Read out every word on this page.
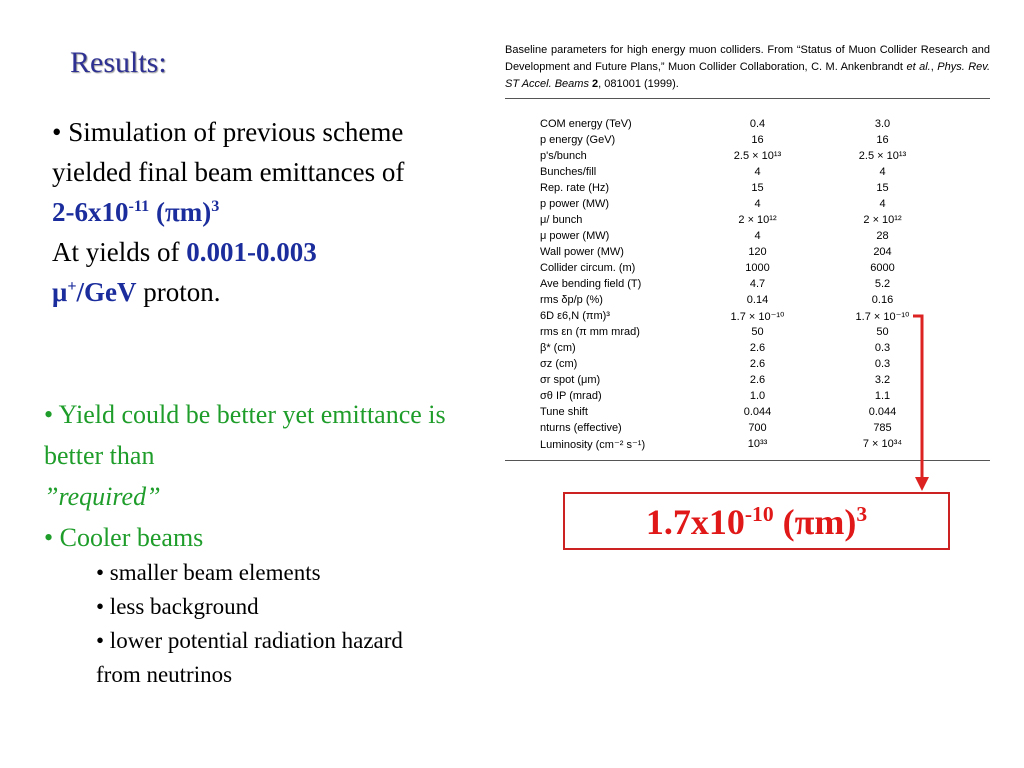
Results:
• Simulation of previous scheme yielded final beam emittances of
$2-6x10^{-11}$ $(\pi m)^3$
At yields of 0.001-0.003
μ+/GeV proton.
• Yield could be better yet emittance is better than
”required”
• Cooler beams
• smaller beam elements
• less background
• lower potential radiation hazard from neutrinos
Baseline parameters for high energy muon colliders. From “Status of Muon Collider Research and Development and Future Plans,” Muon Collider Collaboration, C. M. Ankenbrandt et al., Phys. Rev. ST Accel. Beams 2, 081001 (1999).
COM energy (TeV)	0.4	3.0
p energy (GeV)	16	16
p's/bunch	2.5 × 10¹³	2.5 × 10¹³
Bunches/fill	4	4
Rep. rate (Hz)	15	15
p power (MW)	4	4
μ/ bunch	2 × 10¹²	2 × 10¹²
μ power (MW)	4	28
Wall power (MW)	120	204
Collider circum. (m)	1000	6000
Ave bending field (T)	4.7	5.2
rms δp/p (%)	0.14	0.16
6D ε6,N (πm)³	1.7 × 10⁻¹⁰	1.7 × 10⁻¹⁰
rms εn (π mm mrad)	50	50
β* (cm)	2.6	0.3
σz (cm)	2.6	0.3
σr spot (μm)	2.6	3.2
σθ IP (mrad)	1.0	1.1
Tune shift	0.044	0.044
nturns (effective)	700	785
Luminosity (cm⁻² s⁻¹)	10³³	7 × 10³⁴
$1.7x10^{-10}$ $(\pi m)^3$
